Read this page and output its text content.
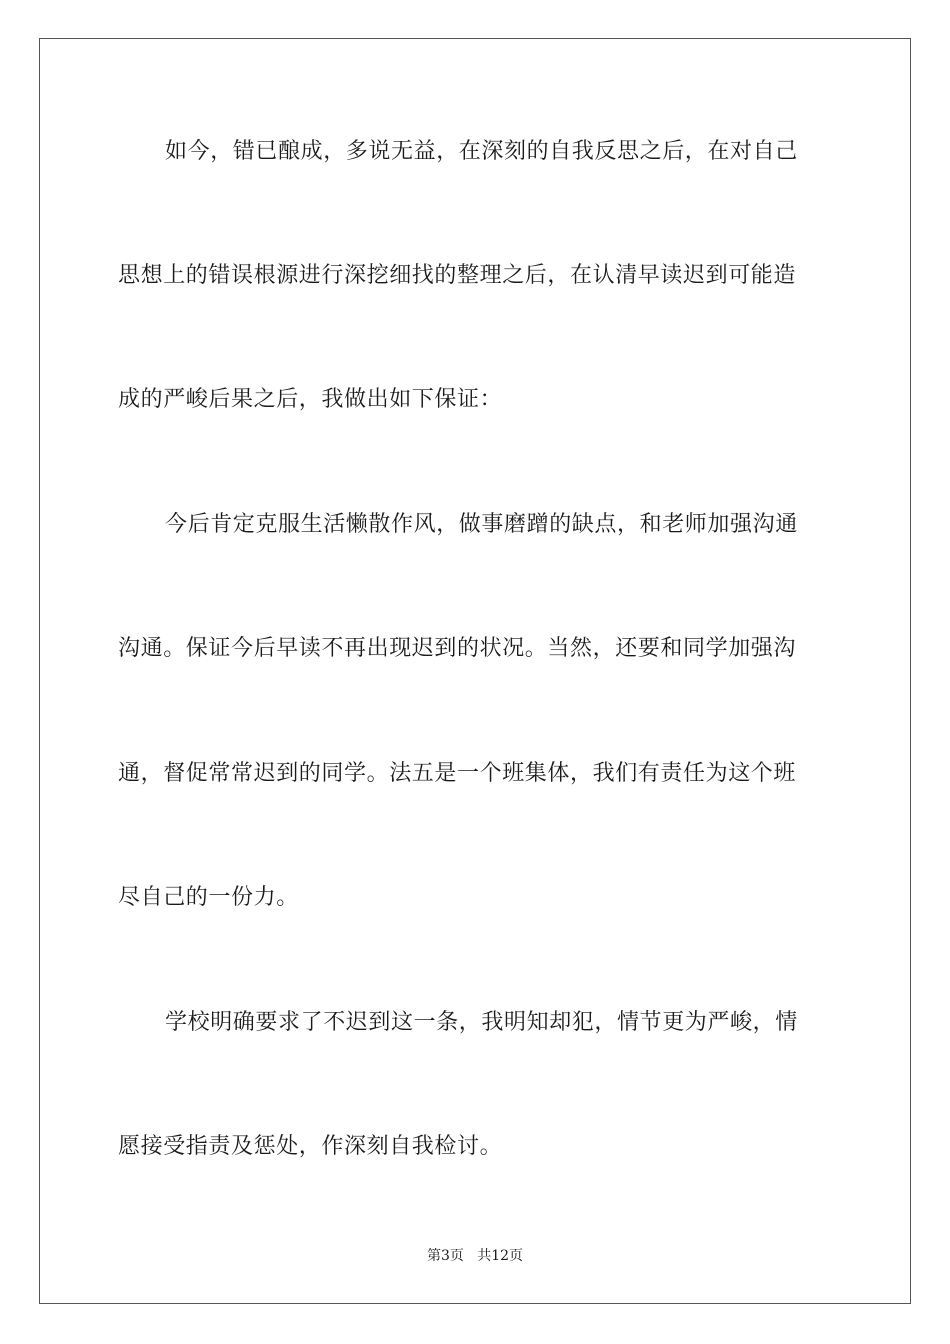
如今，错已酿成，多说无益，在深刻的自我反思之后，在对自己
思想上的错误根源进行深挖细找的整理之后，在认清早读迟到可能造
成的严峻后果之后，我做出如下保证：
今后肯定克服生活懒散作风，做事磨蹭的缺点，和老师加强沟通
沟通。保证今后早读不再出现迟到的状况。当然，还要和同学加强沟
通，督促常常迟到的同学。法五是一个班集体，我们有责任为这个班
尽自己的一份力。
学校明确要求了不迟到这一条，我明知却犯，情节更为严峻，情
愿接受指责及惩处，作深刻自我检讨。
第3页   共12页
